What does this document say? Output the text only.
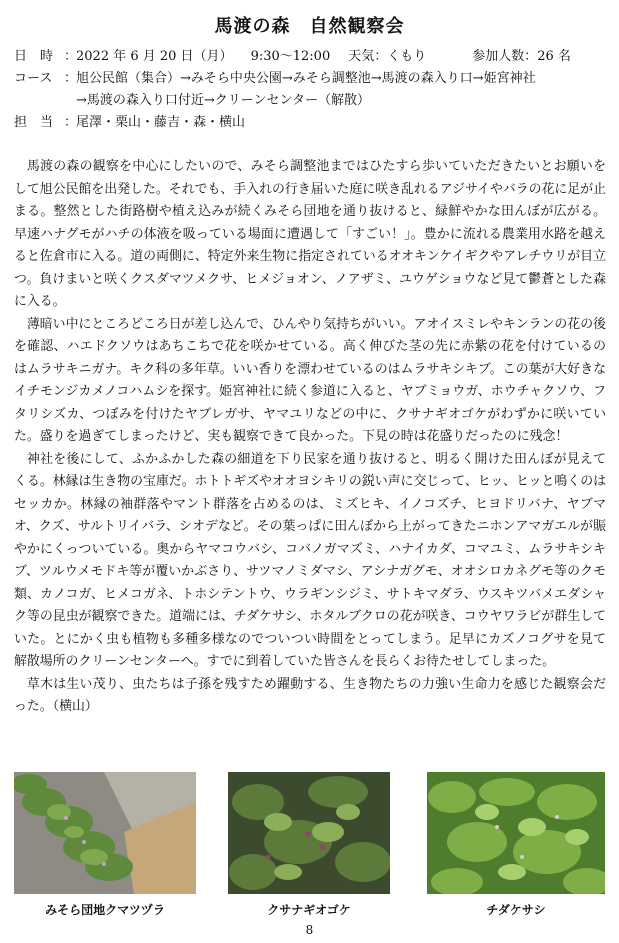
馬渡の森　自然観察会
日　時 ：2022 年 6 月 20 日（月） 9:30～12:00 天気：くもり	参加人数：26 名
コース ：旭公民館（集合）→みそら中央公園→みそら調整池→馬渡の森入り口→姫宮神社
→馬渡の森入り口付近→クリーンセンター（解散）
担　当 ：尾澤・栗山・藤吉・森・横山

馬渡の森の観察を中心にしたいので、みそら調整池まではひたすら歩いていただきたいとお願いをして旭公民館を出発した。それでも、手入れの行き届いた庭に咲き乱れるアジサイやバラの花に足が止まる。整然とした街路樹や植え込みが続くみそら団地を通り抜けると、緑鮮やかな田んぼが広がる。早速ハナグモがハチの体液を吸っている場面に遭遇して「すごい！」。豊かに流れる農業用水路を越えると佐倉市に入る。道の両側に、特定外来生物に指定されているオオキンケイギクやアレチウリが目立つ。負けまいと咲くクスダマツメクサ、ヒメジョオン、ノアザミ、ユウゲショウなど見て鬱蒼とした森に入る。

薄暗い中にところどころ日が差し込んで、ひんやり気持ちがいい。アオイスミレやキンランの花の後を確認、ハエドクソウはあちこちで花を咲かせている。高く伸びた茎の先に赤紫の花を付けているのはムラサキニガナ。キク科の多年草。いい香りを漂わせているのはムラサキシキブ。この葉が大好きなイチモンジカメノコハムシを探す。姫宮神社に続く参道に入ると、ヤブミョウガ、ホウチャクソウ、フタリシズカ、つぼみを付けたヤブレガサ、ヤマユリなどの中に、クサナギオゴケがわずかに咲いていた。盛りを過ぎてしまったけど、実も観察できて良かった。下見の時は花盛りだったのに残念！

神社を後にして、ふかふかした森の細道を下り民家を通り抜けると、明るく開けた田んぼが見えてくる。林縁は生き物の宝庫だ。ホトトギズやオオヨシキリの鋭い声に交じって、ヒッ、ヒッと鳴くのはセッカか。林縁の袖群落やマント群落を占めるのは、ミズヒキ、イノコズチ、ヒヨドリバナ、ヤブマオ、クズ、サルトリイバラ、シオデなど。その葉っぱに田んぼから上がってきたニホンアマガエルが賑やかにくっついている。奥からヤマコウバシ、コバノガマズミ、ハナイカダ、コマユミ、ムラサキシキブ、ツルウメモドキ等が覆いかぶさり、サツマノミダマシ、アシナガグモ、オオシロカネグモ等のクモ類、カノコガ、ヒメコガネ、トホシテントウ、ウラギンシジミ、サトキマダラ、ウスキツバメエダシャク等の昆虫が観察できた。道端には、チダケサシ、ホタルブクロの花が咲き、コウヤワラビが群生していた。とにかく虫も植物も多種多様なのでついつい時間をとってしまう。足早にカズノコグサを見て解散場所のクリーンセンターへ。すでに到着していた皆さんを長らくお待たせしてしまった。

草木は生い茂り、虫たちは子孫を残すため躍動する、生き物たちの力強い生命力を感じた観察会だった。（横山）

みそら団地クマツヅラ	クサナギオゴケ	チダケサシ
8
